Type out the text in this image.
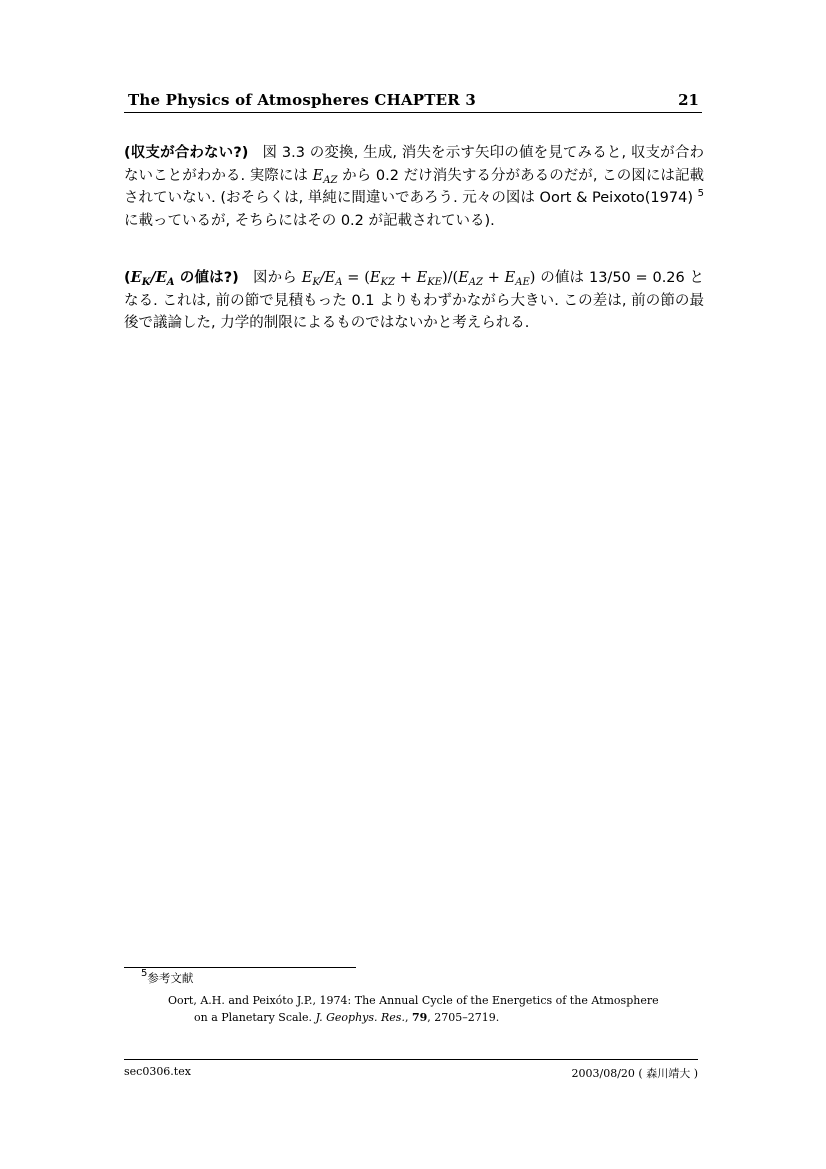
The Physics of Atmospheres CHAPTER 3	21
(収支が合わない?) 図 3.3 の変換, 生成, 消失を示す矢印の値を見てみると, 収支が合わないことがわかる. 実際には $E_{AZ}$ から 0.2 だけ消失する分があるのだが, この図には記載されていない. (おそらくは, 単純に間違いであろう. 元々の図は Oort & Peixoto(1974) $^5$に載っているが, そちらにはその 0.2 が記載されている).
($E_K/E_A$ の値は?) 図から $E_K/E_A = (E_{KZ} + E_{KE})/(E_{AZ} + E_{AE})$ の値は 13/50 = 0.26 となる. これは, 前の節で見積もった 0.1 よりもわずかながら大きい. この差は, 前の節の最後で議論した, 力学的制限によるものではないかと考えられる.
$^5$参考文献
Oort, A.H. and Peixóto J.P., 1974: The Annual Cycle of the Energetics of the Atmosphere
on a Planetary Scale. J. Geophys. Res., 79, 2705–2719.
sec0306.tex	2003/08/20 ( 森川靖大 )
